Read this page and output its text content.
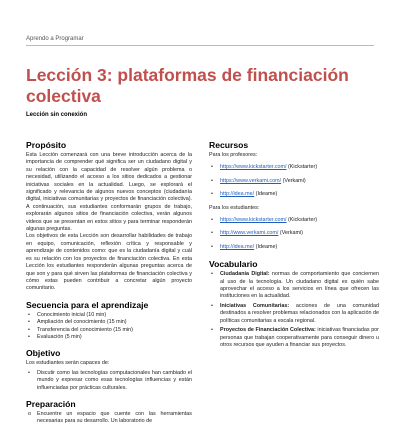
Aprendo a Programar
Lección 3: plataformas de financiación colectiva
Lección sin conexión
Propósito

Esta Lección comenzará con una breve introducción acerca de la importancia de comprender qué significa ser un ciudadano digital y su relación con la capacidad de resolver algún problema o necesidad, utilizando el acceso a los sitios dedicados a gestionar iniciativas sociales en la actualidad. Luego, se explorará el significado y relevancia de algunos nuevos conceptos (ciudadanía digital, iniciativas comunitarias y proyectos de financiación colectiva). A continuación, sus estudiantes conformarán grupos de trabajo, explorarán algunos sitios de financiación colectiva, verán algunos videos que se presentan en estos sitios y para terminar responderán algunas preguntas.

Los objetivos de esta Lección son desarrollar habilidades de trabajo en equipo, comunicación, reflexión crítica y responsable y aprendizaje de contenidos como: que es la ciudadanía digital y cuál es su relación con los proyectos de financiación colectiva. En esta Lección los estudiantes responderán algunas preguntas acerca de que son y para qué sirven las plataformas de financiación colectiva y cómo estas pueden contribuir a concretar algún proyecto comunitario.

Secuencia para el aprendizaje
• Conocimiento inicial (10 min)
• Ampliación del conocimiento (15 min)
• Transferencia del conocimiento (15 min)
• Evaluación (5 min)
Objetivo

Los estudiantes serán capaces de:

• Discutir como las tecnologías computacionales han cambiado el mundo y expresar como esas tecnologías influencias y están influenciadas por prácticas culturales.
Preparación
o Encuentre un espacio que cuente con las herramientas necesarias para su desarrollo. Un laboratorio de
Recursos

Para los profesores:

• https://www.kickstarter.com/ (Kickstarter)
• https://www.verkami.com/ (Verkami)
• http://idea.me/ (Ideame)

Para los estudiantes:

• https://www.kickstarter.com/ (Kickstarter)
• http://www.verkami.com/ (Verkami)
• http://idea.me/ (Ideame)
Vocabulario
• Ciudadanía Digital: normas de comportamiento que conciernen al uso de la tecnología. Un ciudadano digital es quién sabe aprovechar el acceso a los servicios en línea que ofrecen las instituciones en la actualidad.
• Iniciativas Comunitarias: acciones de una comunidad destinados a resolver problemas relacionados con la aplicación de políticas comunitarias a escala regional.
• Proyectos de Financiación Colectiva: iniciativas financiadas por personas que trabajan cooperativamente para conseguir dinero u otros recursos que ayuden a financiar sus proyectos.
